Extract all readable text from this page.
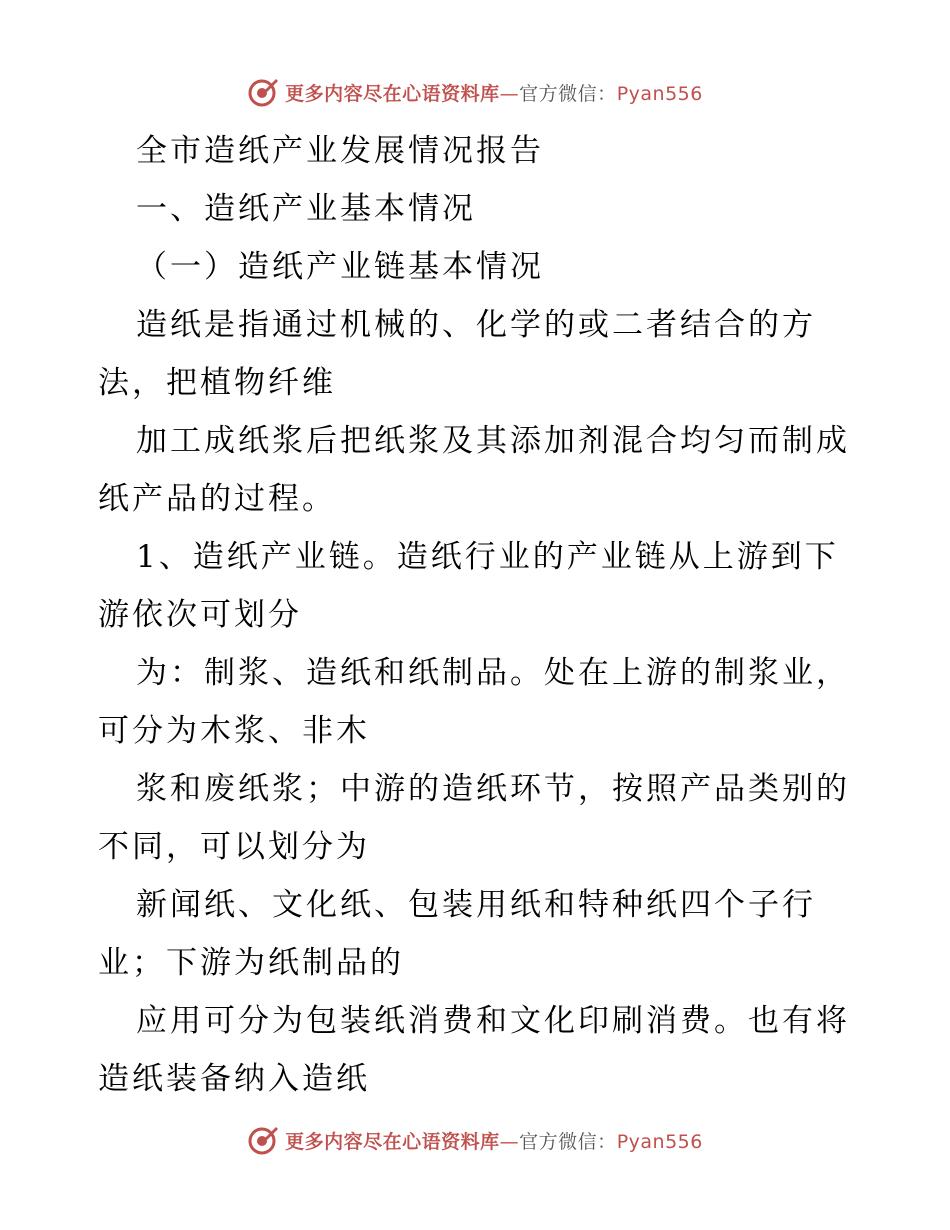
更多内容尽在心语资料库—官方微信：Pyan556

全市造纸产业发展情况报告

一、造纸产业基本情况

（一）造纸产业链基本情况

造纸是指通过机械的、化学的或二者结合的方法，把植物纤维

加工成纸浆后把纸浆及其添加剂混合均匀而制成纸产品的过程。

1、造纸产业链。造纸行业的产业链从上游到下游依次可划分

为：制浆、造纸和纸制品。处在上游的制浆业，可分为木浆、非木

浆和废纸浆；中游的造纸环节，按照产品类别的不同，可以划分为

新闻纸、文化纸、包装用纸和特种纸四个子行业；下游为纸制品的

应用可分为包装纸消费和文化印刷消费。也有将造纸装备纳入造纸

更多内容尽在心语资料库—官方微信：Pyan556
